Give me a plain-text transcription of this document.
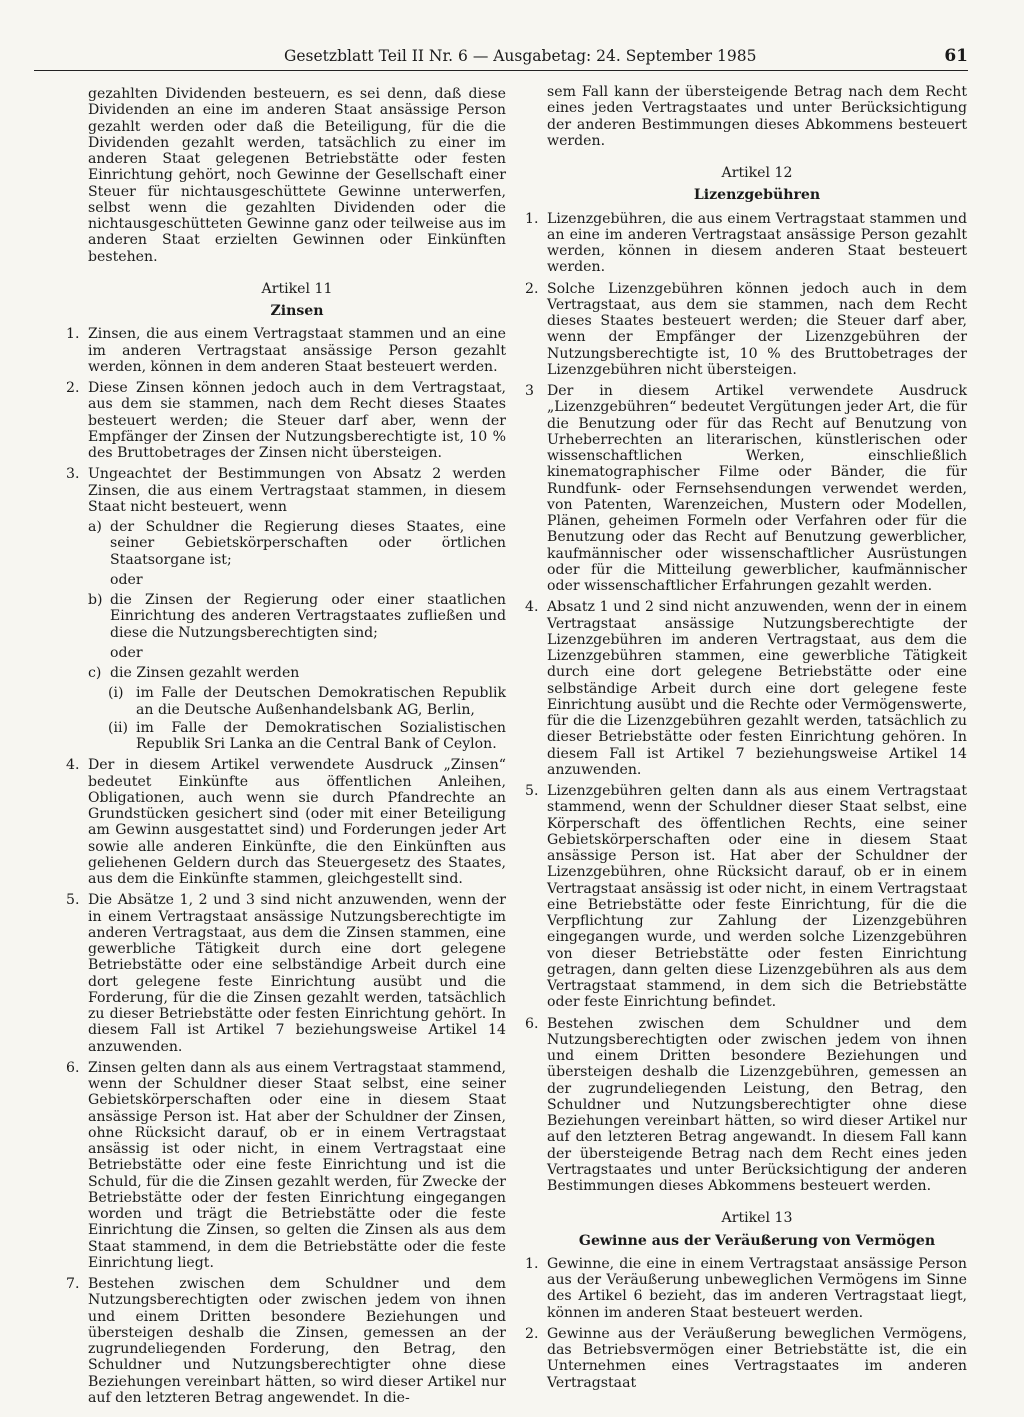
Gesetzblatt Teil II Nr. 6 — Ausgabetag: 24. September 1985	61

gezahlten Dividenden besteuern, es sei denn, daß diese Dividenden an eine im anderen Staat ansässige Person gezahlt werden oder daß die Beteiligung, für die die Dividenden gezahlt werden, tatsächlich zu einer im anderen Staat gelegenen Betriebstätte oder festen Einrichtung gehört, noch Gewinne der Gesellschaft einer Steuer für nichtausgeschüttete Gewinne unterwerfen, selbst wenn die gezahlten Dividenden oder die nichtausgeschütteten Gewinne ganz oder teilweise aus im anderen Staat erzielten Gewinnen oder Einkünften bestehen.

Artikel 11
Zinsen
1. Zinsen, die aus einem Vertragstaat stammen und an eine im anderen Vertragstaat ansässige Person gezahlt werden, können in dem anderen Staat besteuert werden.

2. Diese Zinsen können jedoch auch in dem Vertragstaat, aus dem sie stammen, nach dem Recht dieses Staates besteuert werden; die Steuer darf aber, wenn der Empfänger der Zinsen der Nutzungsberechtigte ist, 10 % des Bruttobetrages der Zinsen nicht übersteigen.

3. Ungeachtet der Bestimmungen von Absatz 2 werden Zinsen, die aus einem Vertragstaat stammen, in diesem Staat nicht besteuert, wenn

a) der Schuldner die Regierung dieses Staates, eine seiner Gebietskörperschaften oder örtlichen Staatsorgane ist;

oder
b) die Zinsen der Regierung oder einer staatlichen Einrichtung des anderen Vertragstaates zufließen und diese die Nutzungsberechtigten sind;

oder
c) die Zinsen gezahlt werden

(i) im Falle der Deutschen Demokratischen Republik an die Deutsche Außenhandelsbank AG, Berlin,

(ii) im Falle der Demokratischen Sozialistischen Republik Sri Lanka an die Central Bank of Ceylon.

4. Der in diesem Artikel verwendete Ausdruck „Zinsen“ bedeutet Einkünfte aus öffentlichen Anleihen, Obligationen, auch wenn sie durch Pfandrechte an Grundstücken gesichert sind (oder mit einer Beteiligung am Gewinn ausgestattet sind) und Forderungen jeder Art sowie alle anderen Einkünfte, die den Einkünften aus geliehenen Geldern durch das Steuergesetz des Staates, aus dem die Einkünfte stammen, gleichgestellt sind.

5. Die Absätze 1, 2 und 3 sind nicht anzuwenden, wenn der in einem Vertragstaat ansässige Nutzungsberechtigte im anderen Vertragstaat, aus dem die Zinsen stammen, eine gewerbliche Tätigkeit durch eine dort gelegene Betriebstätte oder eine selbständige Arbeit durch eine dort gelegene feste Einrichtung ausübt und die Forderung, für die die Zinsen gezahlt werden, tatsächlich zu dieser Betriebstätte oder festen Einrichtung gehört. In diesem Fall ist Artikel 7 beziehungsweise Artikel 14 anzuwenden.

6. Zinsen gelten dann als aus einem Vertragstaat stammend, wenn der Schuldner dieser Staat selbst, eine seiner Gebietskörperschaften oder eine in diesem Staat ansässige Person ist. Hat aber der Schuldner der Zinsen, ohne Rücksicht darauf, ob er in einem Vertragstaat ansässig ist oder nicht, in einem Vertragstaat eine Betriebstätte oder eine feste Einrichtung und ist die Schuld, für die die Zinsen gezahlt werden, für Zwecke der Betriebstätte oder der festen Einrichtung eingegangen worden und trägt die Betriebstätte oder die feste Einrichtung die Zinsen, so gelten die Zinsen als aus dem Staat stammend, in dem die Betriebstätte oder die feste Einrichtung liegt.

7. Bestehen zwischen dem Schuldner und dem Nutzungsberechtigten oder zwischen jedem von ihnen und einem Dritten besondere Beziehungen und übersteigen deshalb die Zinsen, gemessen an der zugrundeliegenden Forderung, den Betrag, den Schuldner und Nutzungsberechtigter ohne diese Beziehungen vereinbart hätten, so wird dieser Artikel nur auf den letzteren Betrag angewendet. In die-

sem Fall kann der übersteigende Betrag nach dem Recht eines jeden Vertragstaates und unter Berücksichtigung der anderen Bestimmungen dieses Abkommens besteuert werden.

Artikel 12
Lizenzgebühren
1. Lizenzgebühren, die aus einem Vertragstaat stammen und an eine im anderen Vertragstaat ansässige Person gezahlt werden, können in diesem anderen Staat besteuert werden.

2. Solche Lizenzgebühren können jedoch auch in dem Vertragstaat, aus dem sie stammen, nach dem Recht dieses Staates besteuert werden; die Steuer darf aber, wenn der Empfänger der Lizenzgebühren der Nutzungsberechtigte ist, 10 % des Bruttobetrages der Lizenzgebühren nicht übersteigen.

3 Der in diesem Artikel verwendete Ausdruck „Lizenzgebühren“ bedeutet Vergütungen jeder Art, die für die Benutzung oder für das Recht auf Benutzung von Urheberrechten an literarischen, künstlerischen oder wissenschaftlichen Werken, einschließlich kinematographischer Filme oder Bänder, die für Rundfunk- oder Fernsehsendungen verwendet werden, von Patenten, Warenzeichen, Mustern oder Modellen, Plänen, geheimen Formeln oder Verfahren oder für die Benutzung oder das Recht auf Benutzung gewerblicher, kaufmännischer oder wissenschaftlicher Ausrüstungen oder für die Mitteilung gewerblicher, kaufmännischer oder wissenschaftlicher Erfahrungen gezahlt werden.

4. Absatz 1 und 2 sind nicht anzuwenden, wenn der in einem Vertragstaat ansässige Nutzungsberechtigte der Lizenzgebühren im anderen Vertragstaat, aus dem die Lizenzgebühren stammen, eine gewerbliche Tätigkeit durch eine dort gelegene Betriebstätte oder eine selbständige Arbeit durch eine dort gelegene feste Einrichtung ausübt und die Rechte oder Vermögenswerte, für die die Lizenzgebühren gezahlt werden, tatsächlich zu dieser Betriebstätte oder festen Einrichtung gehören. In diesem Fall ist Artikel 7 beziehungsweise Artikel 14 anzuwenden.

5. Lizenzgebühren gelten dann als aus einem Vertragstaat stammend, wenn der Schuldner dieser Staat selbst, eine Körperschaft des öffentlichen Rechts, eine seiner Gebietskörperschaften oder eine in diesem Staat ansässige Person ist. Hat aber der Schuldner der Lizenzgebühren, ohne Rücksicht darauf, ob er in einem Vertragstaat ansässig ist oder nicht, in einem Vertragstaat eine Betriebstätte oder feste Einrichtung, für die die Verpflichtung zur Zahlung der Lizenzgebühren eingegangen wurde, und werden solche Lizenzgebühren von dieser Betriebstätte oder festen Einrichtung getragen, dann gelten diese Lizenzgebühren als aus dem Vertragstaat stammend, in dem sich die Betriebstätte oder feste Einrichtung befindet.

6. Bestehen zwischen dem Schuldner und dem Nutzungsberechtigten oder zwischen jedem von ihnen und einem Dritten besondere Beziehungen und übersteigen deshalb die Lizenzgebühren, gemessen an der zugrundeliegenden Leistung, den Betrag, den Schuldner und Nutzungsberechtigter ohne diese Beziehungen vereinbart hätten, so wird dieser Artikel nur auf den letzteren Betrag angewandt. In diesem Fall kann der übersteigende Betrag nach dem Recht eines jeden Vertragstaates und unter Berücksichtigung der anderen Bestimmungen dieses Abkommens besteuert werden.

Artikel 13
Gewinne aus der Veräußerung von Vermögen
1. Gewinne, die eine in einem Vertragstaat ansässige Person aus der Veräußerung unbeweglichen Vermögens im Sinne des Artikel 6 bezieht, das im anderen Vertragstaat liegt, können im anderen Staat besteuert werden.

2. Gewinne aus der Veräußerung beweglichen Vermögens, das Betriebsvermögen einer Betriebstätte ist, die ein Unternehmen eines Vertragstaates im anderen Vertragstaat
